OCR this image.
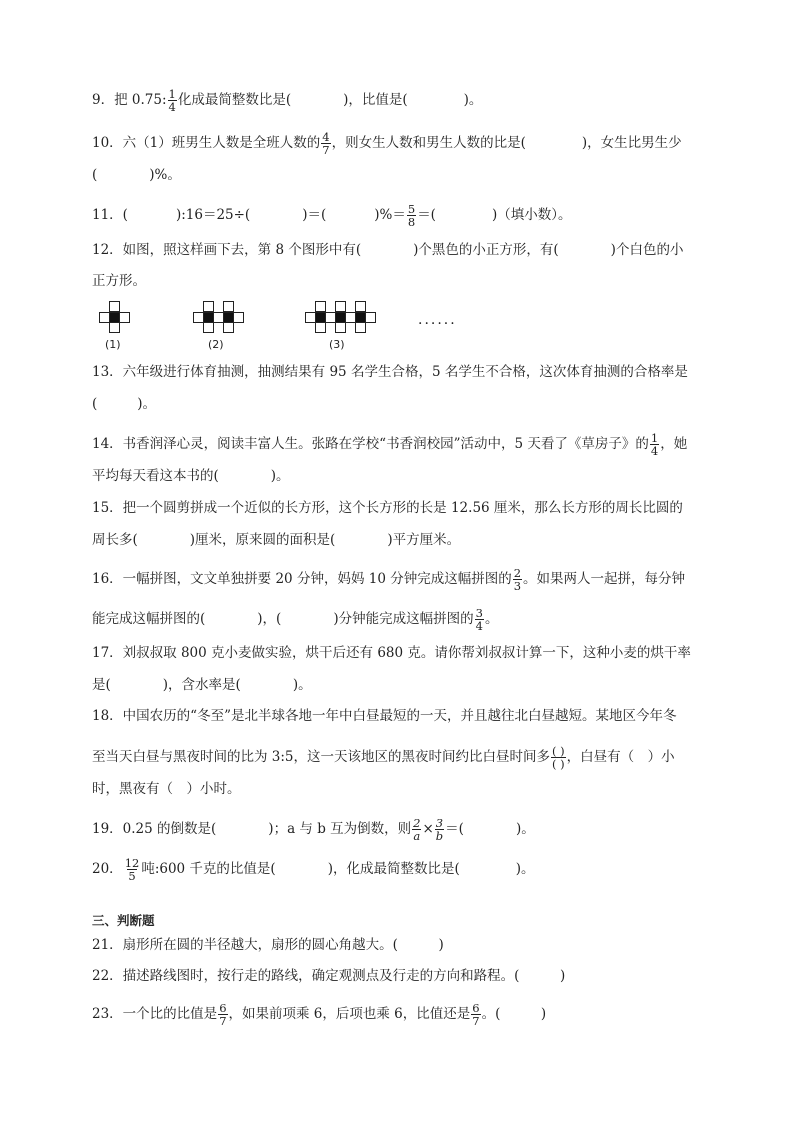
9．把 0.75: $\frac{1}{4}$ 化成最简整数比是(	)，比值是(	)。
10．六（1）班男生人数是全班人数的 $\frac{4}{7}$ ，则女生人数和男生人数的比是(	)，女生比男生少
(	)%。
11．(	):16＝25÷(	)＝(	)%＝ $\frac{5}{8}$ ＝(	)（填小数）。
12．如图，照这样画下去，第 8 个图形中有(	)个黑色的小正方形，有(	)个白色的小
正方形。
(1)	(2)	(3)
······
13．六年级进行体育抽测，抽测结果有 95 名学生合格，5 名学生不合格，这次体育抽测的合格率是
(	)。
14．书香润泽心灵，阅读丰富人生。张路在学校“书香润校园”活动中，5 天看了《草房子》的 $\frac{1}{4}$ ，她
平均每天看这本书的(	)。
15．把一个圆剪拼成一个近似的长方形，这个长方形的长是 12.56 厘米，那么长方形的周长比圆的
周长多(	)厘米，原来圆的面积是(	)平方厘米。
16．一幅拼图，文文单独拼要 20 分钟，妈妈 10 分钟完成这幅拼图的 $\frac{2}{3}$ 。如果两人一起拼，每分钟
能完成这幅拼图的(	)，(	)分钟能完成这幅拼图的 $\frac{3}{4}$ 。
17．刘叔叔取 800 克小麦做实验，烘干后还有 680 克。请你帮刘叔叔计算一下，这种小麦的烘干率
是(	)，含水率是(	)。
18．中国农历的“冬至”是北半球各地一年中白昼最短的一天，并且越往北白昼越短。某地区今年冬
至当天白昼与黑夜时间的比为 3:5，这一天该地区的黑夜时间约比白昼时间多 $\frac{( )}{( )}$ ，白昼有（　）小
时，黑夜有（　）小时。
19．0.25 的倒数是(	)；a 与 b 互为倒数，则 $\frac{2}{a} \times \frac{3}{b}$ ＝(	)。
20． $\frac{12}{5}$ 吨:600 千克的比值是(	)，化成最简整数比是(	)。
三、判断题
21．扇形所在圆的半径越大，扇形的圆心角越大。(　　　)
22．描述路线图时，按行走的路线，确定观测点及行走的方向和路程。(　　　)
23．一个比的比值是 $\frac{6}{7}$ ，如果前项乘 6，后项也乘 6，比值还是 $\frac{6}{7}$ 。(　　　)
